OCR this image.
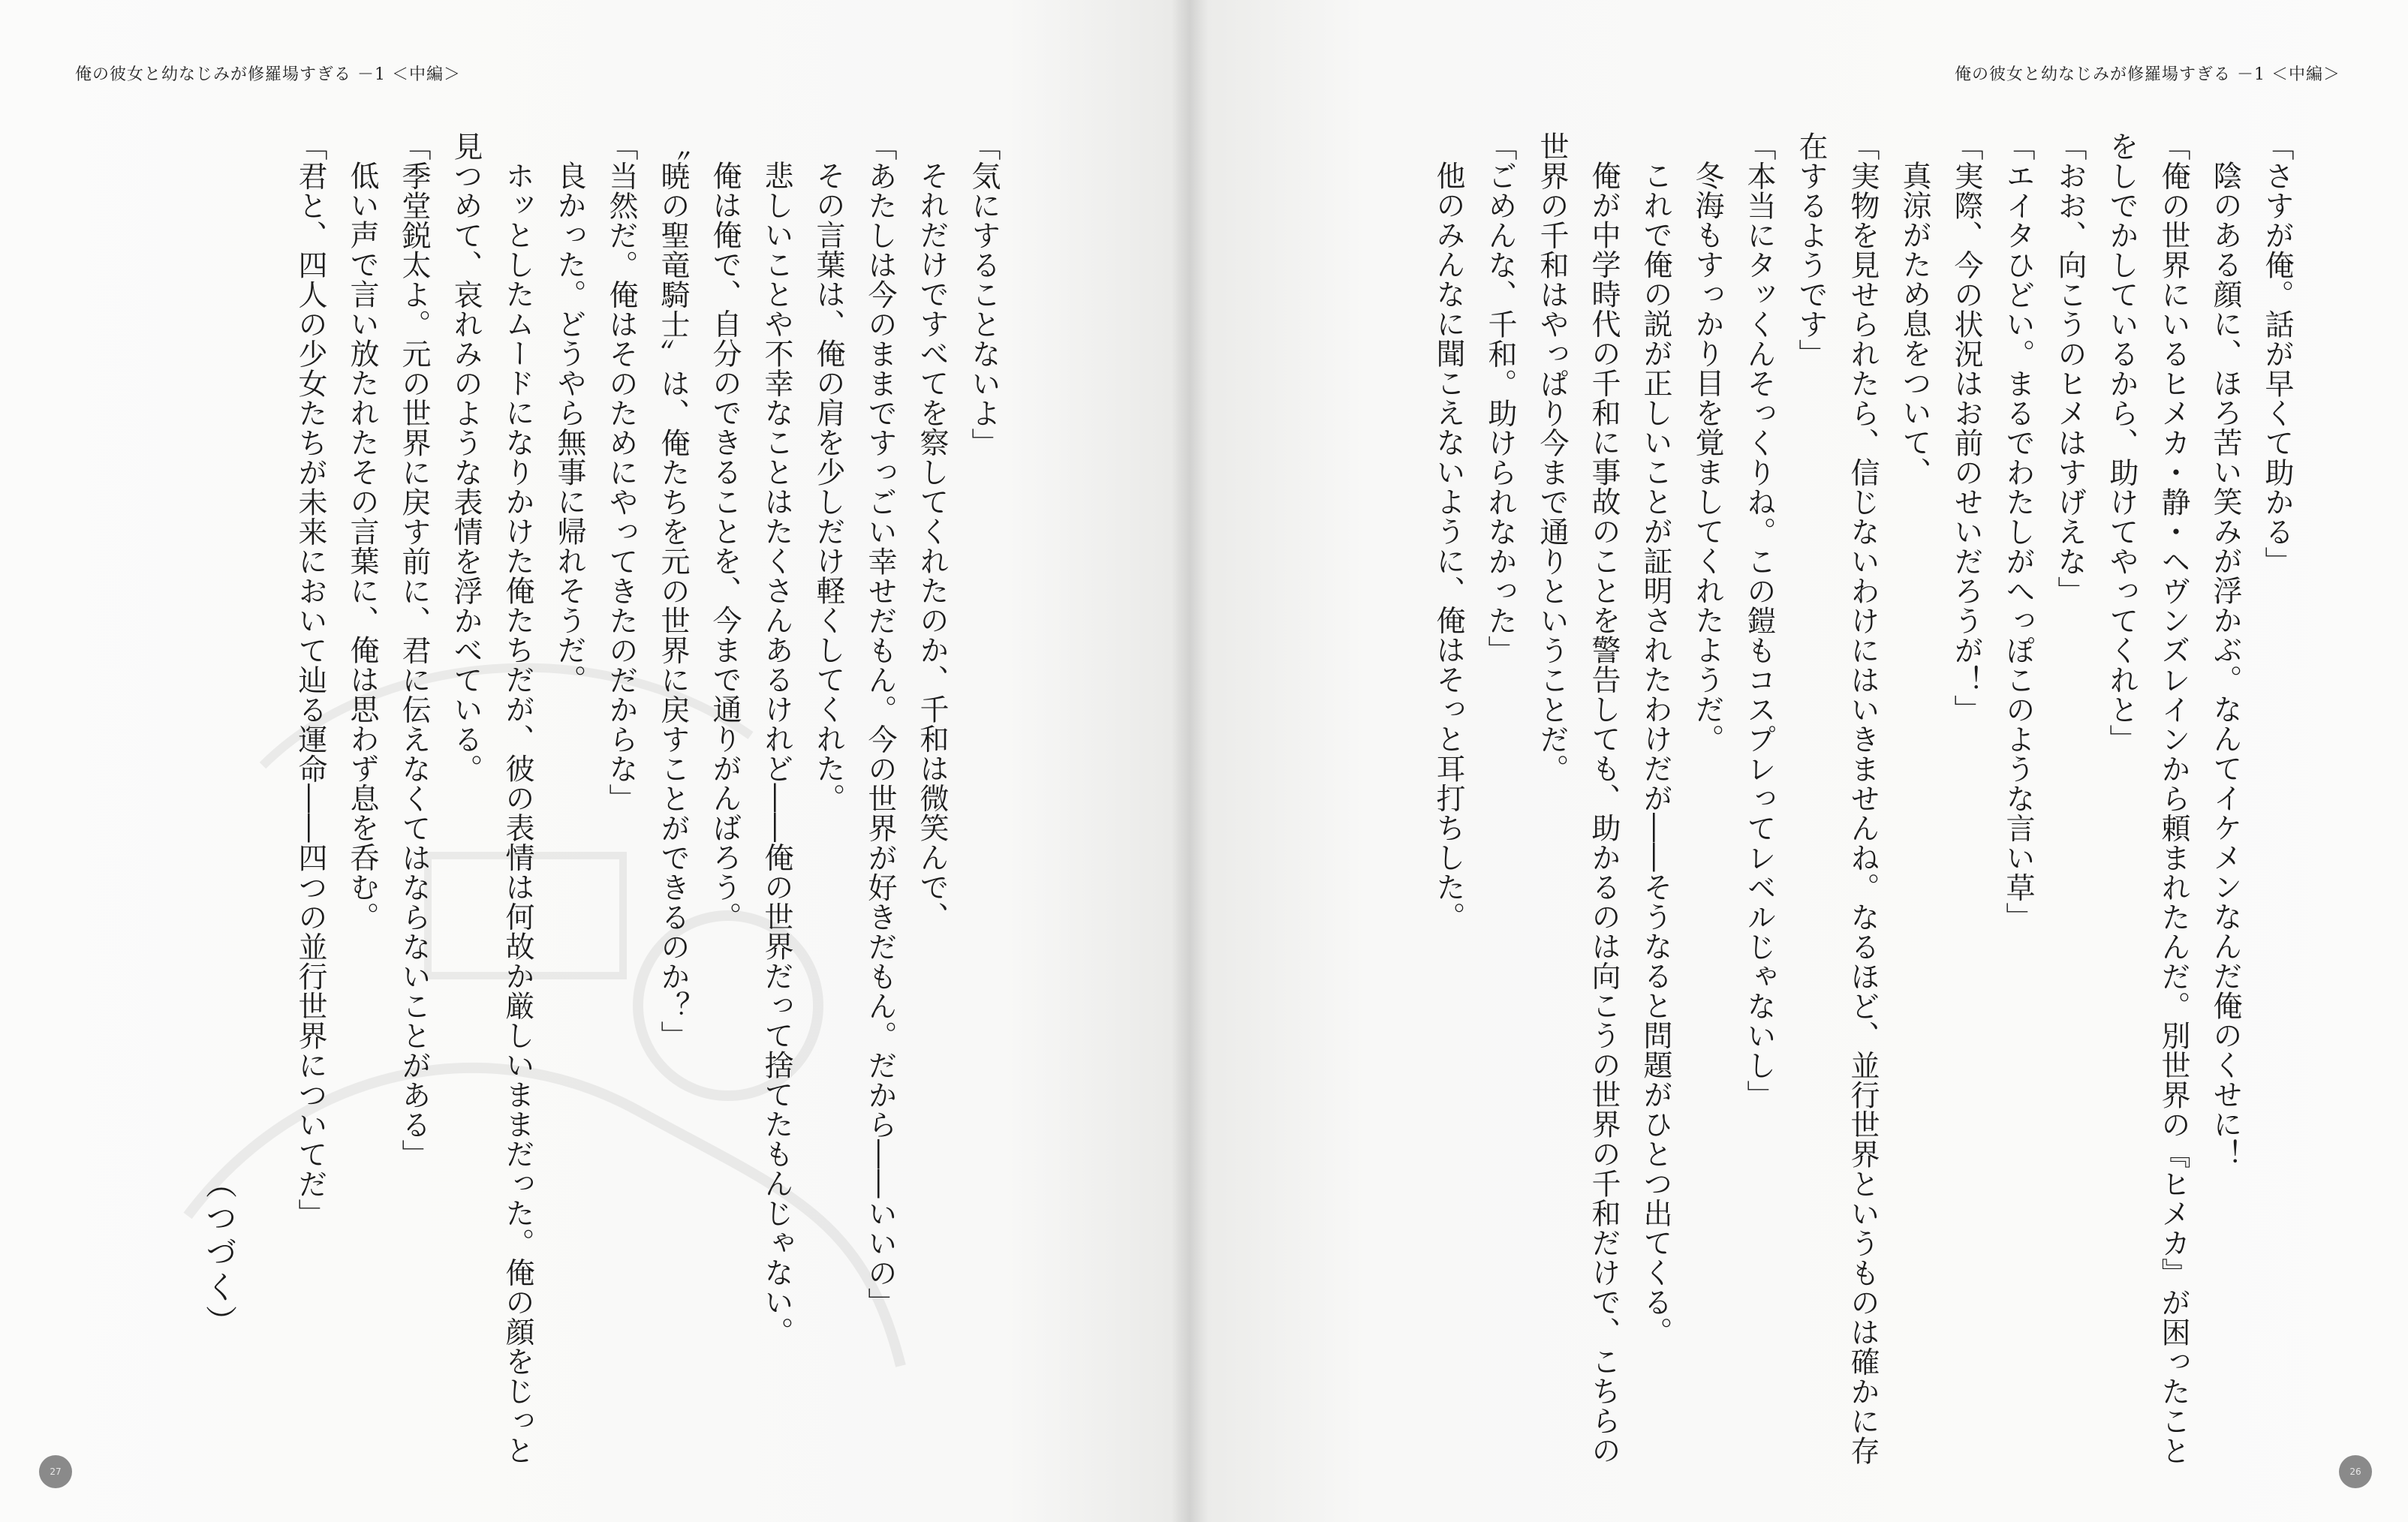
俺の彼女と幼なじみが修羅場すぎる －1 ＜中編＞
「気にすることないよ」
それだけですべてを察してくれたのか、千和は微笑んで、
「あたしは今のままですっごい幸せだもん。今の世界が好きだもん。だから――いいの」
その言葉は、俺の肩を少しだけ軽くしてくれた。
悲しいことや不幸なことはたくさんあるけれど――俺の世界だって捨てたもんじゃない。
俺は俺で、自分のできることを、今まで通りがんばろう。
〝暁の聖竜騎士〟は、俺たちを元の世界に戻すことができるのか？」
「当然だ。俺はそのためにやってきたのだからな」
良かった。どうやら無事に帰れそうだ。
ホッとしたムードになりかけた俺たちだが、彼の表情は何故か厳しいままだった。俺の顔をじっと
見つめて、哀れみのような表情を浮かべている。
「季堂鋭太よ。元の世界に戻す前に、君に伝えなくてはならないことがある」
低い声で言い放たれたその言葉に、俺は思わず息を呑む。
「君と、四人の少女たちが未来において辿る運命――四つの並行世界についてだ」
（つづく）
27
俺の彼女と幼なじみが修羅場すぎる －1 ＜中編＞
「さすが俺。話が早くて助かる」
陰のある顔に、ほろ苦い笑みが浮かぶ。なんてイケメンなんだ俺のくせに！
「俺の世界にいるヒメカ・静・ヘヴンズレインから頼まれたんだ。別世界の『ヒメカ』が困ったこと
をしでかしているから、助けてやってくれと」
「おお、向こうのヒメはすげえな」
「エイタひどい。まるでわたしがへっぽこのような言い草」
「実際、今の状況はお前のせいだろうが！」
真涼がため息をついて、
「実物を見せられたら、信じないわけにはいきませんね。なるほど、並行世界というものは確かに存
在するようです」
「本当にタッくんそっくりね。この鎧もコスプレってレベルじゃないし」
冬海もすっかり目を覚ましてくれたようだ。
これで俺の説が正しいことが証明されたわけだが――そうなると問題がひとつ出てくる。
俺が中学時代の千和に事故のことを警告しても、助かるのは向こうの世界の千和だけで、こちらの
世界の千和はやっぱり今まで通りということだ。
「ごめんな、千和。助けられなかった」
他のみんなに聞こえないように、俺はそっと耳打ちした。
26
